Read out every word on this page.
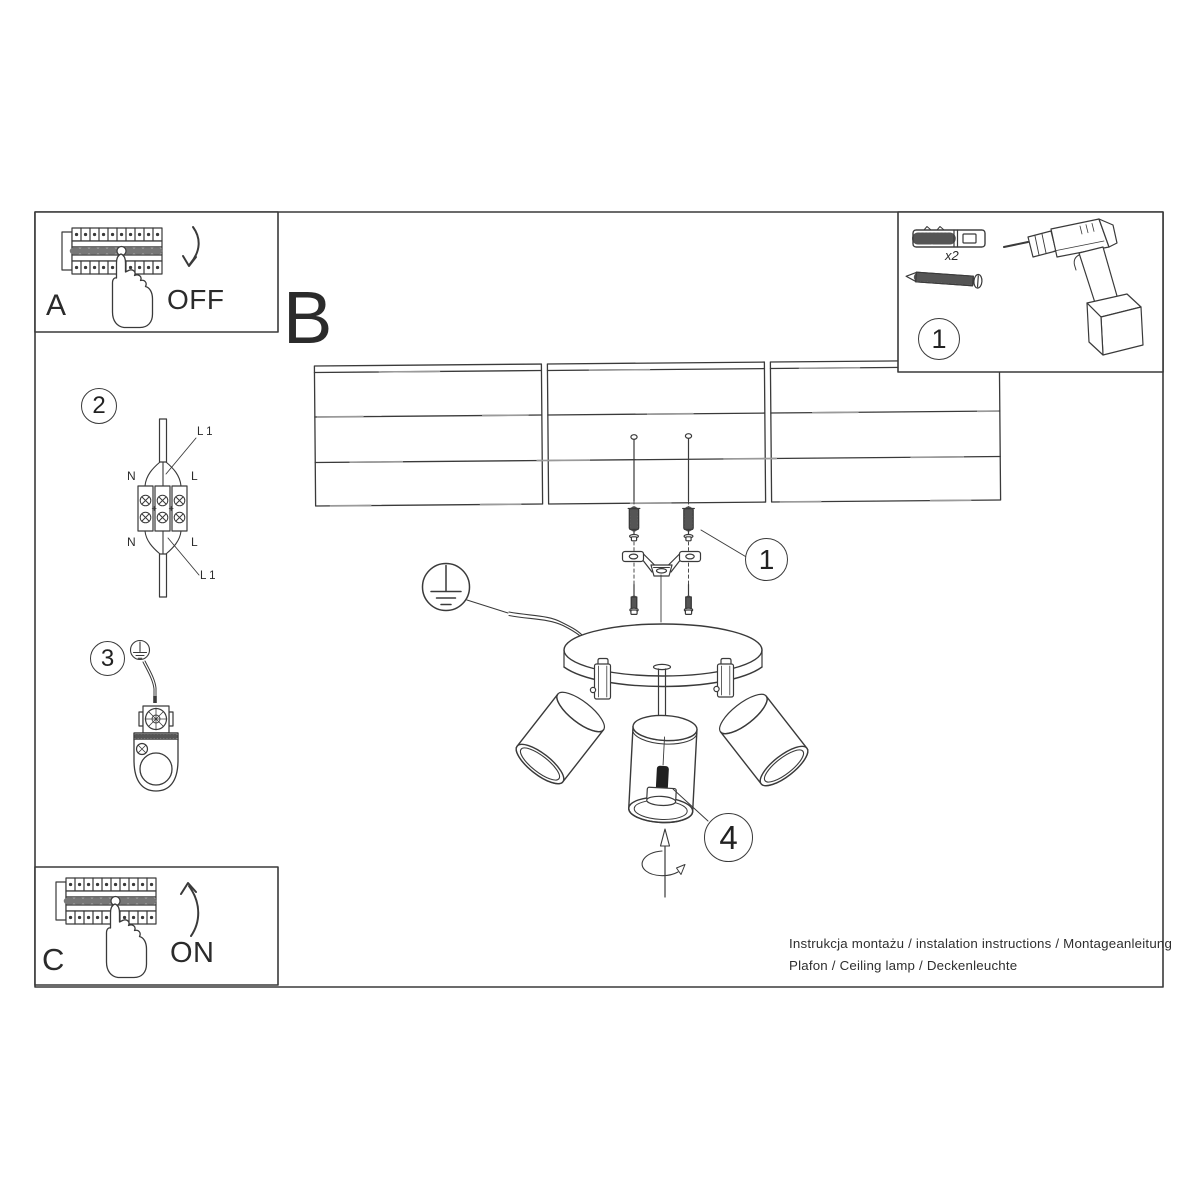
A	OFF B
C	ON
x2
N	L
N	L
L 1
L 1
1
2
3
1
4
Instrukcja montażu / instalation instructions / Montageanleitung
Plafon / Ceiling lamp / Deckenleuchte
